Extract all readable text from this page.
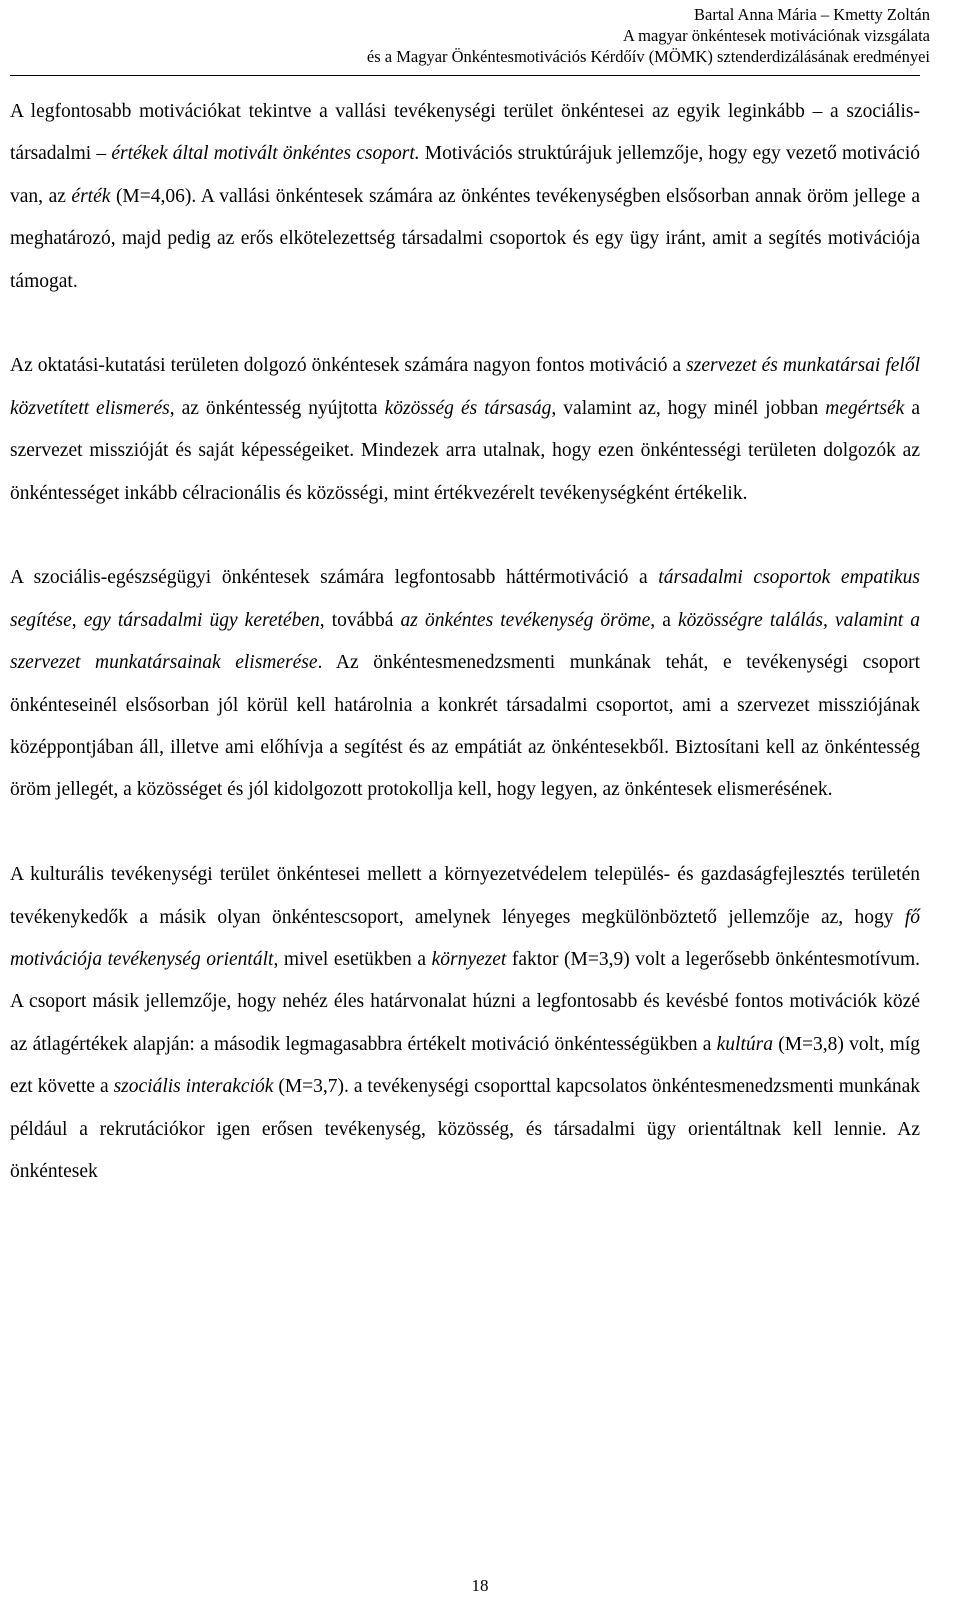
Bartal Anna Mária – Kmetty Zoltán
A magyar önkéntesek motivációnak vizsgálata
és a Magyar Önkéntesmotivációs Kérdőív (MÖMK) sztenderdizálásának eredményei

A legfontosabb motivációkat tekintve a vallási tevékenységi terület önkéntesei az egyik leginkább – a szociális-társadalmi – értékek által motivált önkéntes csoport. Motivációs struktúrájuk jellemzője, hogy egy vezető motiváció van, az érték (M=4,06). A vallási önkéntesek számára az önkéntes tevékenységben elsősorban annak öröm jellege a meghatározó, majd pedig az erős elkötelezettség társadalmi csoportok és egy ügy iránt, amit a segítés motivációja támogat.

Az oktatási-kutatási területen dolgozó önkéntesek számára nagyon fontos motiváció a szervezet és munkatársai felől közvetített elismerés, az önkéntesség nyújtotta közösség és társaság, valamint az, hogy minél jobban megértsék a szervezet misszióját és saját képességeiket. Mindezek arra utalnak, hogy ezen önkéntességi területen dolgozók az önkéntességet inkább célracionális és közösségi, mint értékvezérelt tevékenységként értékelik.

A szociális-egészségügyi önkéntesek számára legfontosabb háttérmotiváció a társadalmi csoportok empatikus segítése, egy társadalmi ügy keretében, továbbá az önkéntes tevékenység öröme, a közösségre találás, valamint a szervezet munkatársainak elismerése. Az önkéntesmenedzsmenti munkának tehát, e tevékenységi csoport önkénteseinél elsősorban jól körül kell határolnia a konkrét társadalmi csoportot, ami a szervezet missziójának középpontjában áll, illetve ami előhívja a segítést és az empátiát az önkéntesekből. Biztosítani kell az önkéntesség öröm jellegét, a közösséget és jól kidolgozott protokollja kell, hogy legyen, az önkéntesek elismerésének.

A kulturális tevékenységi terület önkéntesei mellett a környezetvédelem település- és gazdaságfejlesztés területén tevékenykedők a másik olyan önkéntescsoport, amelynek lényeges megkülönböztető jellemzője az, hogy fő motivációja tevékenység orientált, mivel esetükben a környezet faktor (M=3,9) volt a legerősebb önkéntesmotívum. A csoport másik jellemzője, hogy nehéz éles határvonalat húzni a legfontosabb és kevésbé fontos motivációk közé az átlagértékek alapján: a második legmagasabbra értékelt motiváció önkéntességükben a kultúra (M=3,8) volt, míg ezt követte a szociális interakciók (M=3,7). a tevékenységi csoporttal kapcsolatos önkéntesmenedzsmenti munkának például a rekrutációkor igen erősen tevékenység, közösség, és társadalmi ügy orientáltnak kell lennie. Az önkéntesek

18
